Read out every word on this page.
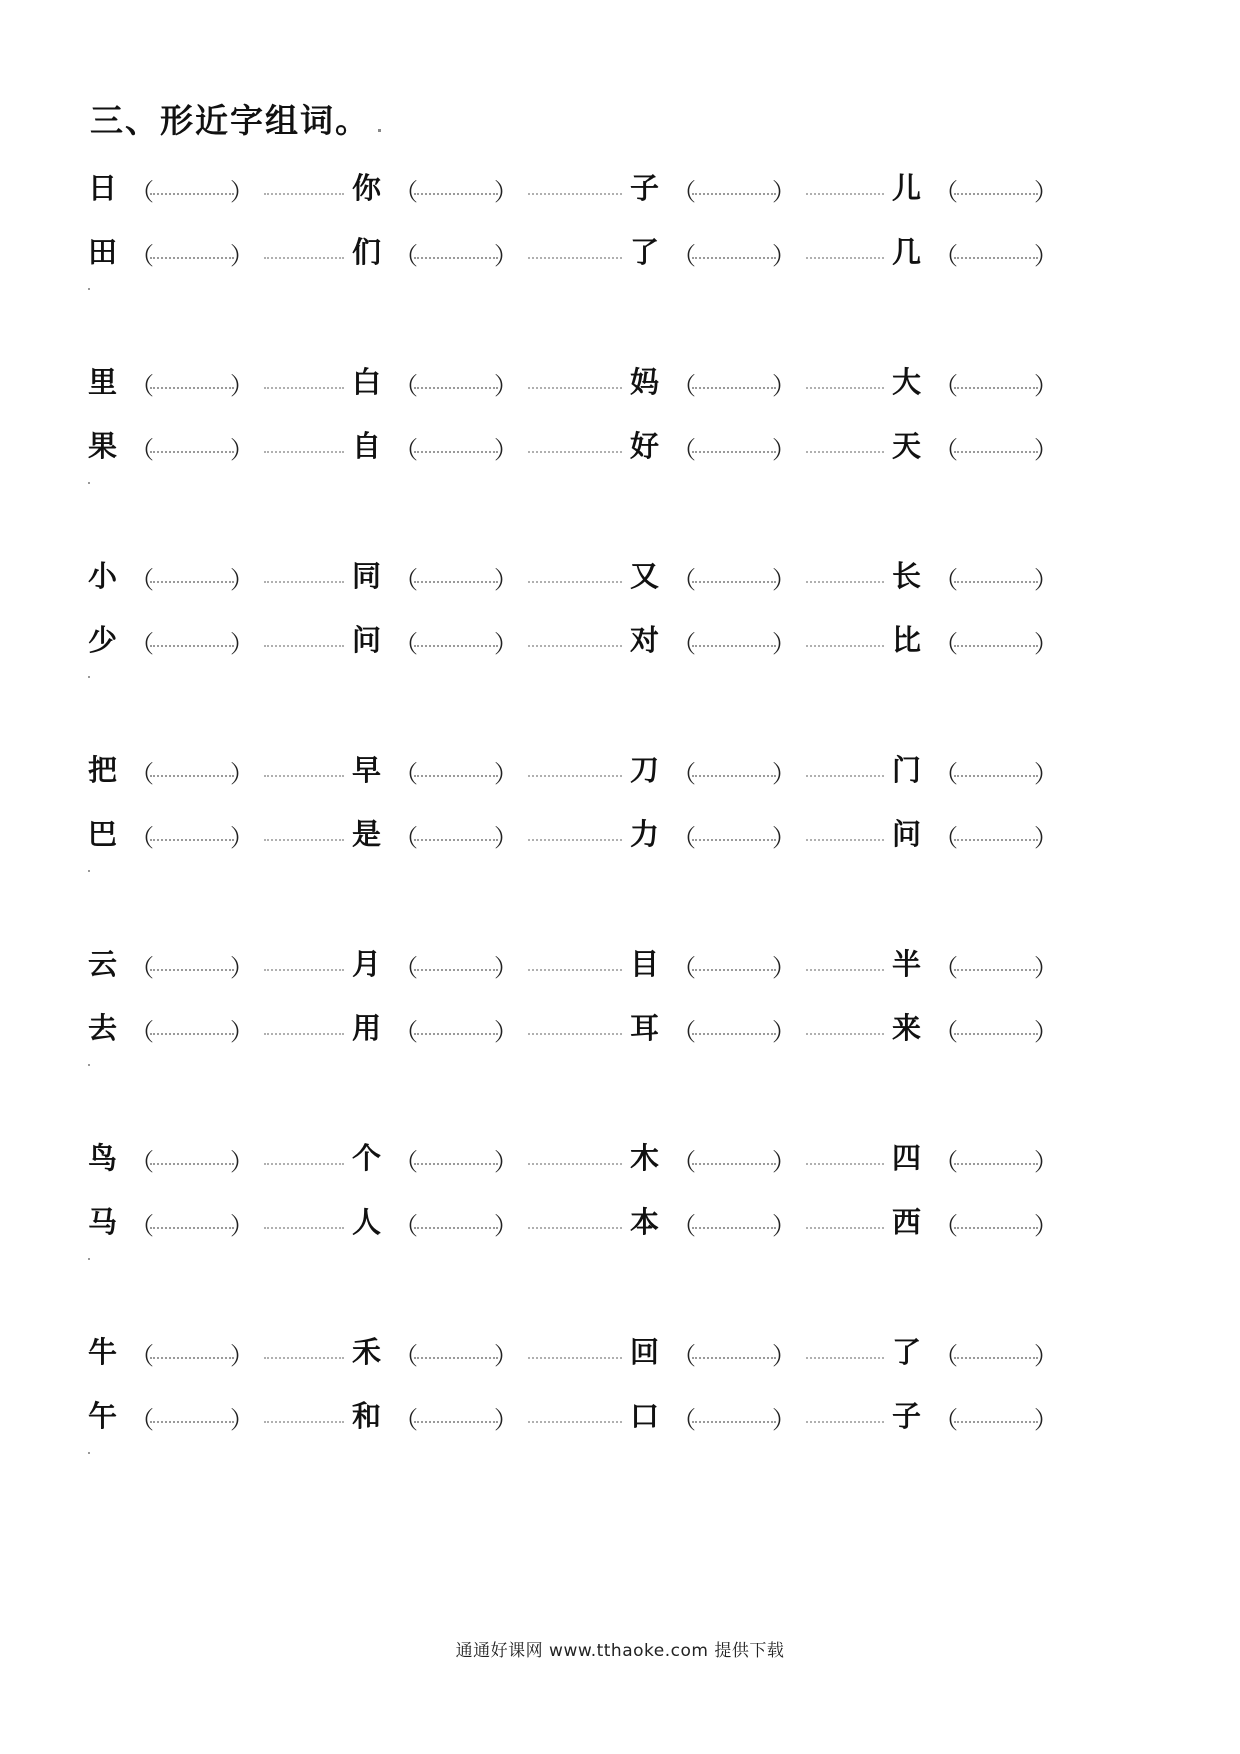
三、形近字组词。
日 （	）	你 （	）	子 （	）	儿 （	）
田 （	）	们 （	）	了 （	）	几 （	）
里 （	）	白 （	）	妈 （	）	大 （	）
果 （	）	自 （	）	好 （	）	天 （	）
小 （	）	同 （	）	又 （	）	长 （	）
少 （	）	问 （	）	对 （	）	比 （	）
把 （	）	早 （	）	刀 （	）	门 （	）
巴 （	）	是 （	）	力 （	）	问 （	）
云 （	）	月 （	）	目 （	）	半 （	）
去 （	）	用 （	）	耳 （	）	来 （	）
鸟 （	）	个 （	）	木 （	）	四 （	）
马 （	）	人 （	）	本 （	）	西 （	）
牛 （	）	禾 （	）	回 （	）	了 （	）
午 （	）	和 （	）	口 （	）	子 （	）
通通好课网 www.tthaoke.com 提供下载
